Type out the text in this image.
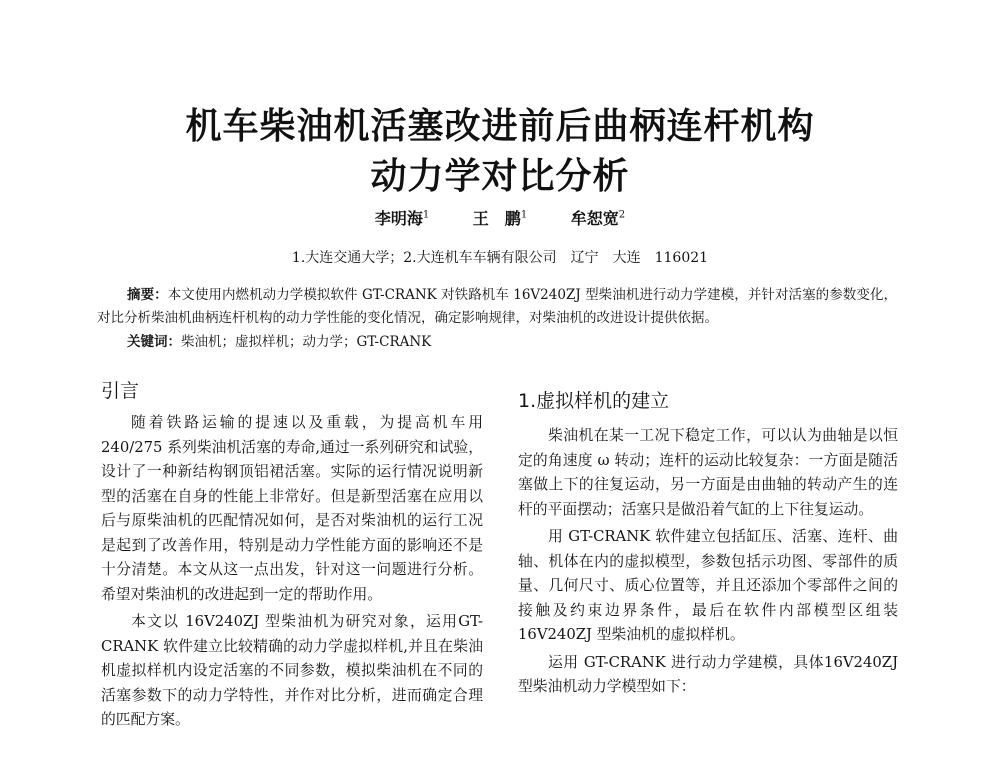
机车柴油机活塞改进前后曲柄连杆机构
动力学对比分析
李明海$^1$	王　鹏$^1$	牟恕宽$^2$
1.大连交通大学；2.大连机车车辆有限公司　辽宁　大连　116021
摘要：本文使用内燃机动力学模拟软件 GT-CRANK 对铁路机车 16V240ZJ 型柴油机进行动力学建模，并针对活塞的参数变化，对比分析柴油机曲柄连杆机构的动力学性能的变化情况，确定影响规律，对柴油机的改进设计提供依据。
关键词：柴油机；虚拟样机；动力学；GT-CRANK
引言

随着铁路运输的提速以及重载，为提高机车用240/275 系列柴油机活塞的寿命,通过一系列研究和试验，设计了一种新结构钢顶铝裙活塞。实际的运行情况说明新型的活塞在自身的性能上非常好。但是新型活塞在应用以后与原柴油机的匹配情况如何，是否对柴油机的运行工况是起到了改善作用，特别是动力学性能方面的影响还不是十分清楚。本文从这一点出发，针对这一问题进行分析。希望对柴油机的改进起到一定的帮助作用。

本文以 16V240ZJ 型柴油机为研究对象，运用GT-CRANK 软件建立比较精确的动力学虚拟样机,并且在柴油机虚拟样机内设定活塞的不同参数，模拟柴油机在不同的活塞参数下的动力学特性，并作对比分析，进而确定合理的匹配方案。

1.虚拟样机的建立

柴油机在某一工况下稳定工作，可以认为曲轴是以恒定的角速度 ω 转动；连杆的运动比较复杂：一方面是随活塞做上下的往复运动，另一方面是由曲轴的转动产生的连杆的平面摆动；活塞只是做沿着气缸的上下往复运动。

用 GT-CRANK 软件建立包括缸压、活塞、连杆、曲轴、机体在内的虚拟模型，参数包括示功图、零部件的质量、几何尺寸、质心位置等，并且还添加个零部件之间的接触及约束边界条件，最后在软件内部模型区组装 16V240ZJ 型柴油机的虚拟样机。

运用 GT-CRANK 进行动力学建模，具体16V240ZJ 型柴油机动力学模型如下：
